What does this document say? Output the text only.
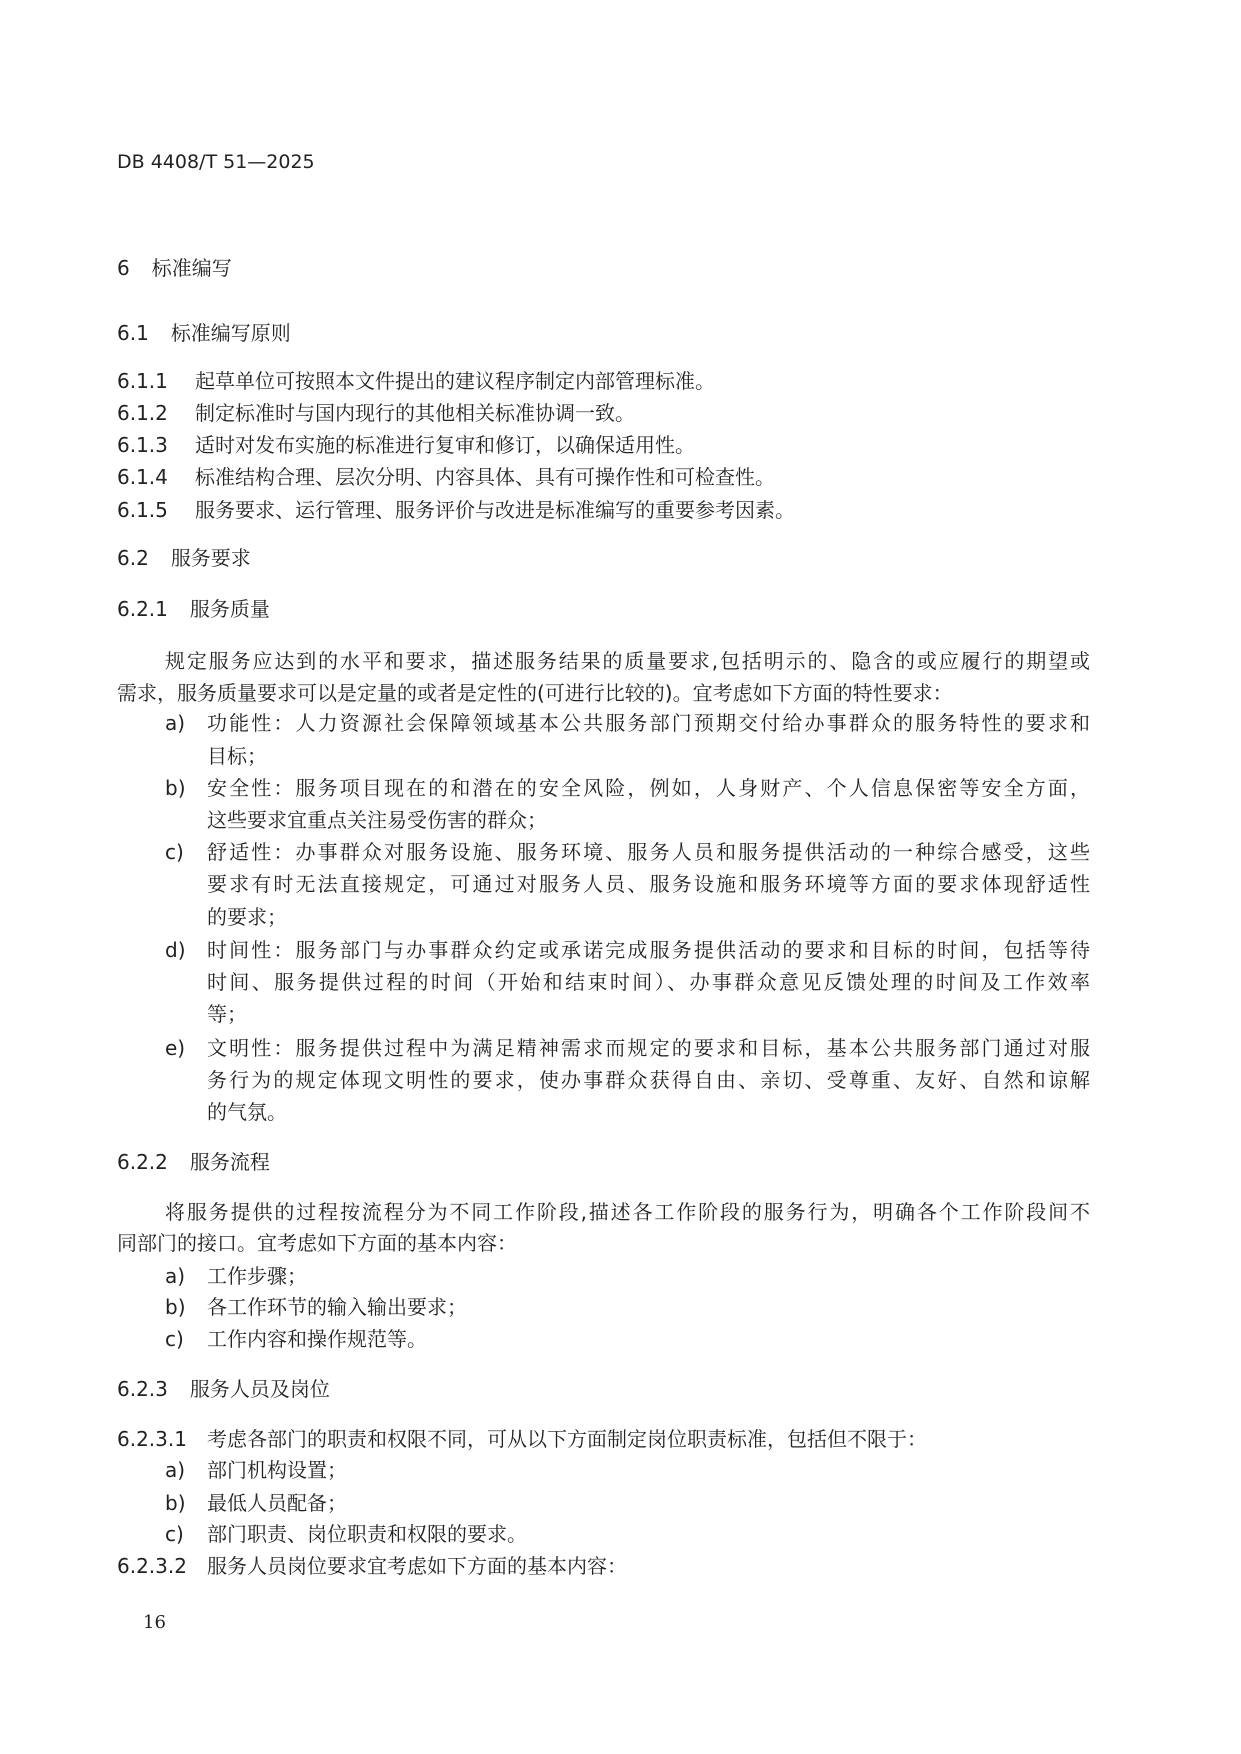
DB 4408/T 51—2025
6 标准编写
6.1 标准编写原则
6.1.1 起草单位可按照本文件提出的建议程序制定内部管理标准。
6.1.2 制定标准时与国内现行的其他相关标准协调一致。
6.1.3 适时对发布实施的标准进行复审和修订，以确保适用性。
6.1.4 标准结构合理、层次分明、内容具体、具有可操作性和可检查性。
6.1.5 服务要求、运行管理、服务评价与改进是标准编写的重要参考因素。
6.2 服务要求
6.2.1 服务质量
规定服务应达到的水平和要求，描述服务结果的质量要求,包括明示的、隐含的或应履行的期望或
需求，服务质量要求可以是定量的或者是定性的(可进行比较的)。宜考虑如下方面的特性要求：
a) 功能性：人力资源社会保障领域基本公共服务部门预期交付给办事群众的服务特性的要求和
目标；
b) 安全性：服务项目现在的和潜在的安全风险，例如，人身财产、个人信息保密等安全方面，
这些要求宜重点关注易受伤害的群众；
c) 舒适性：办事群众对服务设施、服务环境、服务人员和服务提供活动的一种综合感受，这些
要求有时无法直接规定，可通过对服务人员、服务设施和服务环境等方面的要求体现舒适性
的要求；
d) 时间性：服务部门与办事群众约定或承诺完成服务提供活动的要求和目标的时间，包括等待
时间、服务提供过程的时间（开始和结束时间）、办事群众意见反馈处理的时间及工作效率
等；
e) 文明性：服务提供过程中为满足精神需求而规定的要求和目标，基本公共服务部门通过对服
务行为的规定体现文明性的要求，使办事群众获得自由、亲切、受尊重、友好、自然和谅解
的气氛。
6.2.2 服务流程
将服务提供的过程按流程分为不同工作阶段,描述各工作阶段的服务行为，明确各个工作阶段间不
同部门的接口。宜考虑如下方面的基本内容：
a) 工作步骤；
b) 各工作环节的输入输出要求；
c) 工作内容和操作规范等。
6.2.3 服务人员及岗位
6.2.3.1 考虑各部门的职责和权限不同，可从以下方面制定岗位职责标准，包括但不限于：
a) 部门机构设置；
b) 最低人员配备；
c) 部门职责、岗位职责和权限的要求。
6.2.3.2 服务人员岗位要求宜考虑如下方面的基本内容：
16
